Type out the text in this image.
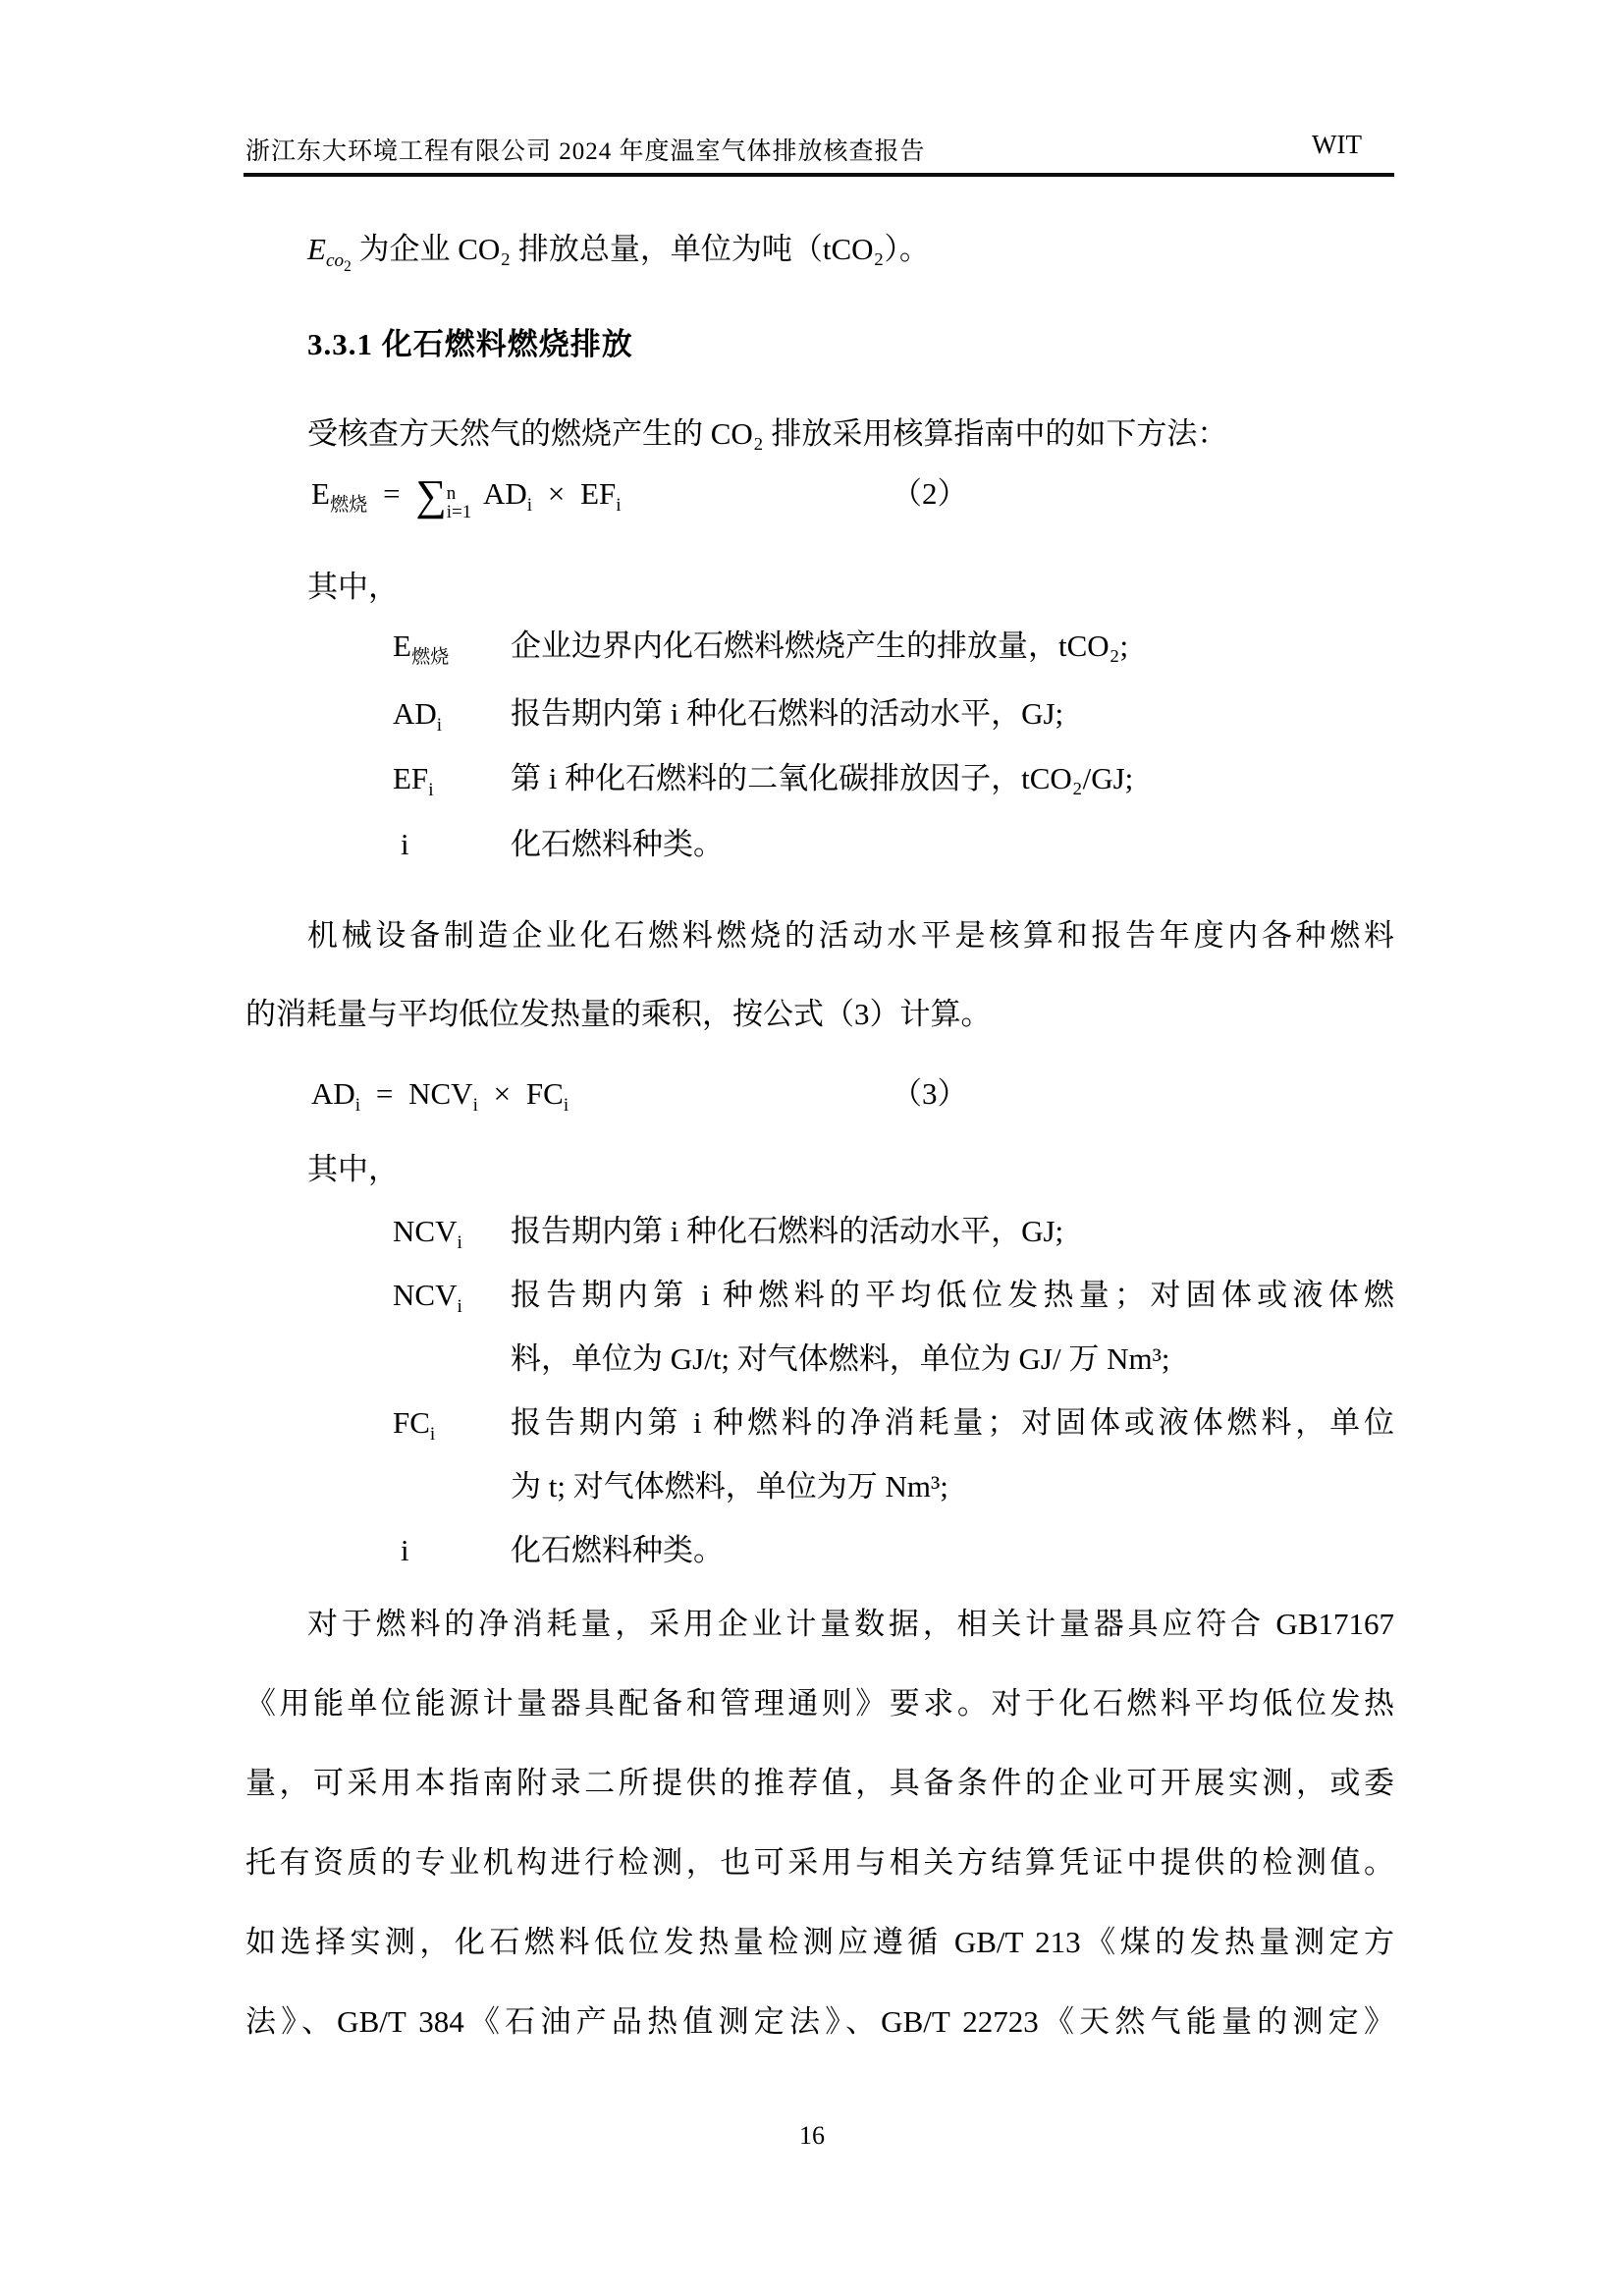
浙江东大环境工程有限公司 2024 年度温室气体排放核查报告	WIT
$E_{co_2}$ 为企业 CO₂ 排放总量，单位为吨（tCO₂）。
3.3.1 化石燃料燃烧排放
受核查方天然气的燃烧产生的 CO₂ 排放采用核算指南中的如下方法：
$E_{燃烧}$ = ∑ n
i=1
$AD_i \times EF_i$	（2）
其中，
$E_{燃烧}$ 企业边界内化石燃料燃烧产生的排放量，tCO₂;
$AD_i$ 报告期内第 i 种化石燃料的活动水平，GJ;
$EF_i$	第 i 种化石燃料的二氧化碳排放因子，tCO₂/GJ;
i	化石燃料种类。
机械设备制造企业化石燃料燃烧的活动水平是核算和报告年度内各种燃料
的消耗量与平均低位发热量的乘积，按公式（3）计算。
$AD_i = NCV_i \times FC_i$	（3）
其中，
$NCV_i$ 报告期内第 i 种化石燃料的活动水平，GJ;
$NCV_i$ 报告期内第 i 种燃料的平均低位发热量；对固体或液体燃
料，单位为 GJ/t; 对气体燃料，单位为 GJ/ 万 Nm³;
$FC_i$ 报告期内第 i 种燃料的净消耗量；对固体或液体燃料，单位
为 t; 对气体燃料，单位为万 Nm³;
i	化石燃料种类。
对于燃料的净消耗量，采用企业计量数据，相关计量器具应符合 GB17167
《用能单位能源计量器具配备和管理通则》要求。对于化石燃料平均低位发热
量，可采用本指南附录二所提供的推荐值，具备条件的企业可开展实测，或委
托有资质的专业机构进行检测，也可采用与相关方结算凭证中提供的检测值。
如选择实测，化石燃料低位发热量检测应遵循 GB/T 213《煤的发热量测定方
法》、GB/T 384《石油产品热值测定法》、GB/T 22723《天然气能量的测定》
16
